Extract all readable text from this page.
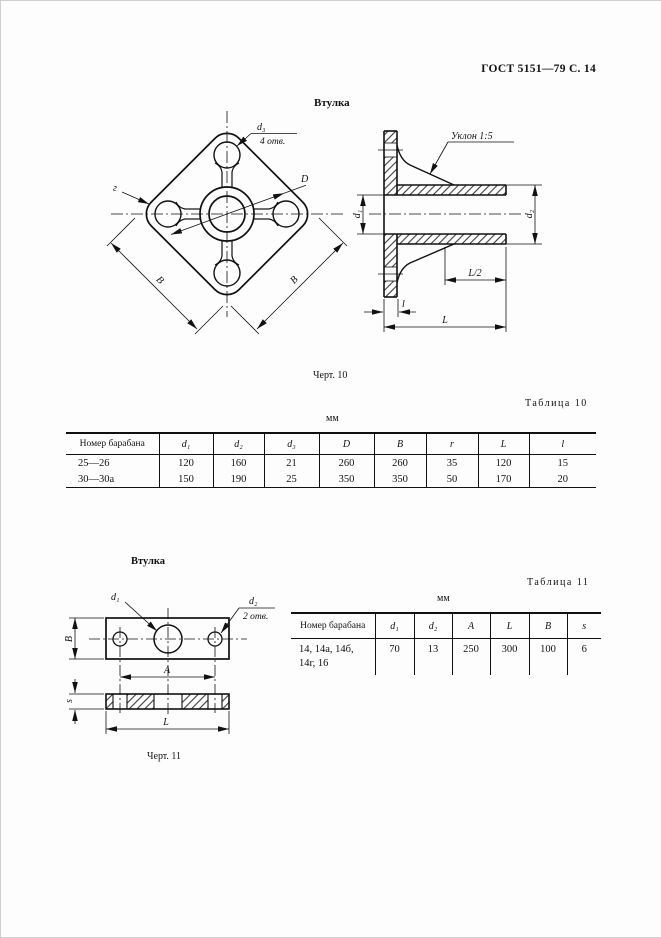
ГОСТ 5151—79 С. 14
Втулка
d₃
4 отв.
г
D
B	B
Уклон 1:5
d₁	d₂
L/2
l
L
Черт. 10
Таблица 10
мм
Номер барабана	d₁	d₂	d₃	D	B	r	L	l
25—26	120	160	21	260	260	35	120	15
30—30а	150	190	25	350	350	50	170	20
Втулка
d₁	d₂
2 отв.
B
A
s
L
Таблица 11
мм
Номер барабана	d₁	d₂	A	L	B	s
14, 14а, 14б, 14г, 16	70	13	250	300	100	6
Черт. 11
